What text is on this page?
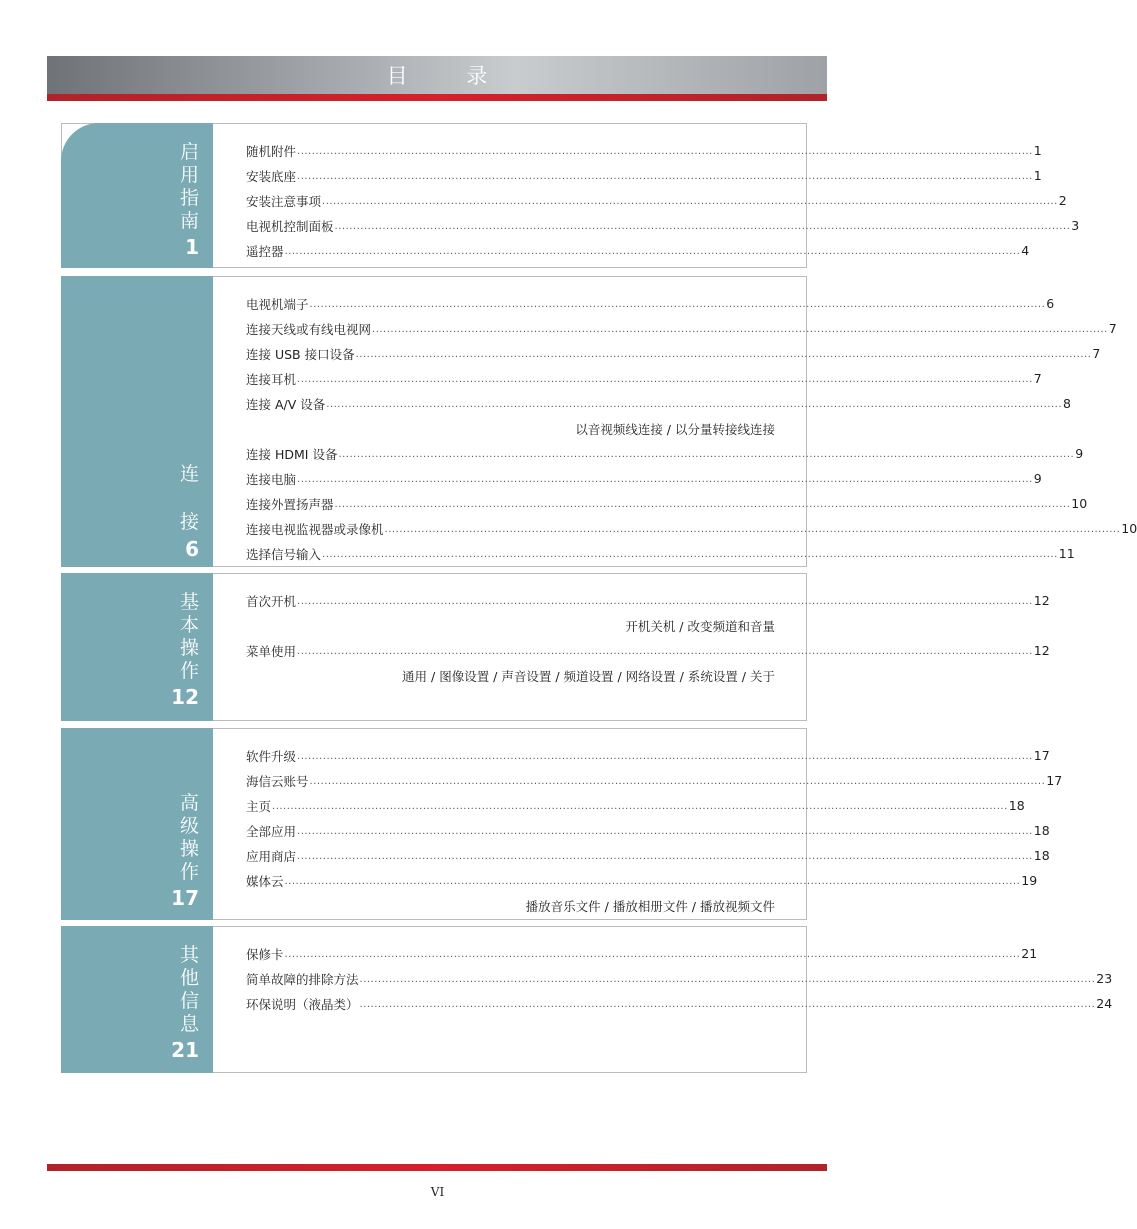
目 录
启
用
指
南
1
随机附件 ........................................................................................................................................................................................................ 1
安装底座 ........................................................................................................................................................................................................ 1
安装注意事项 ........................................................................................................................................................................................................ 2
电视机控制面板 ........................................................................................................................................................................................................ 3
遥控器 ........................................................................................................................................................................................................ 4
连
接
6
电视机端子 ........................................................................................................................................................................................................ 6
连接天线或有线电视网 ........................................................................................................................................................................................................ 7
连接 USB 接口设备 ........................................................................................................................................................................................................ 7
连接耳机 ........................................................................................................................................................................................................ 7
连接 A/V 设备 ........................................................................................................................................................................................................ 8
以音视频线连接 / 以分量转接线连接
连接 HDMI 设备 ........................................................................................................................................................................................................ 9
连接电脑 ........................................................................................................................................................................................................ 9
连接外置扬声器 ........................................................................................................................................................................................................ 10
连接电视监视器或录像机 ........................................................................................................................................................................................................ 10
选择信号输入 ........................................................................................................................................................................................................ 11
基
本
操
作
12
首次开机 ........................................................................................................................................................................................................ 12
开机关机 / 改变频道和音量
菜单使用 ........................................................................................................................................................................................................ 12
通用 / 图像设置 / 声音设置 / 频道设置 / 网络设置 / 系统设置 / 关于
高
级
操
作
17
软件升级 ........................................................................................................................................................................................................ 17
海信云账号 ........................................................................................................................................................................................................ 17
主页 ........................................................................................................................................................................................................ 18
全部应用 ........................................................................................................................................................................................................ 18
应用商店 ........................................................................................................................................................................................................ 18
媒体云 ........................................................................................................................................................................................................ 19
播放音乐文件 / 播放相册文件 / 播放视频文件
其
他
信
息
21
保修卡 ........................................................................................................................................................................................................ 21
简单故障的排除方法 ........................................................................................................................................................................................................ 23
环保说明（液晶类） ........................................................................................................................................................................................................ 24
VI
